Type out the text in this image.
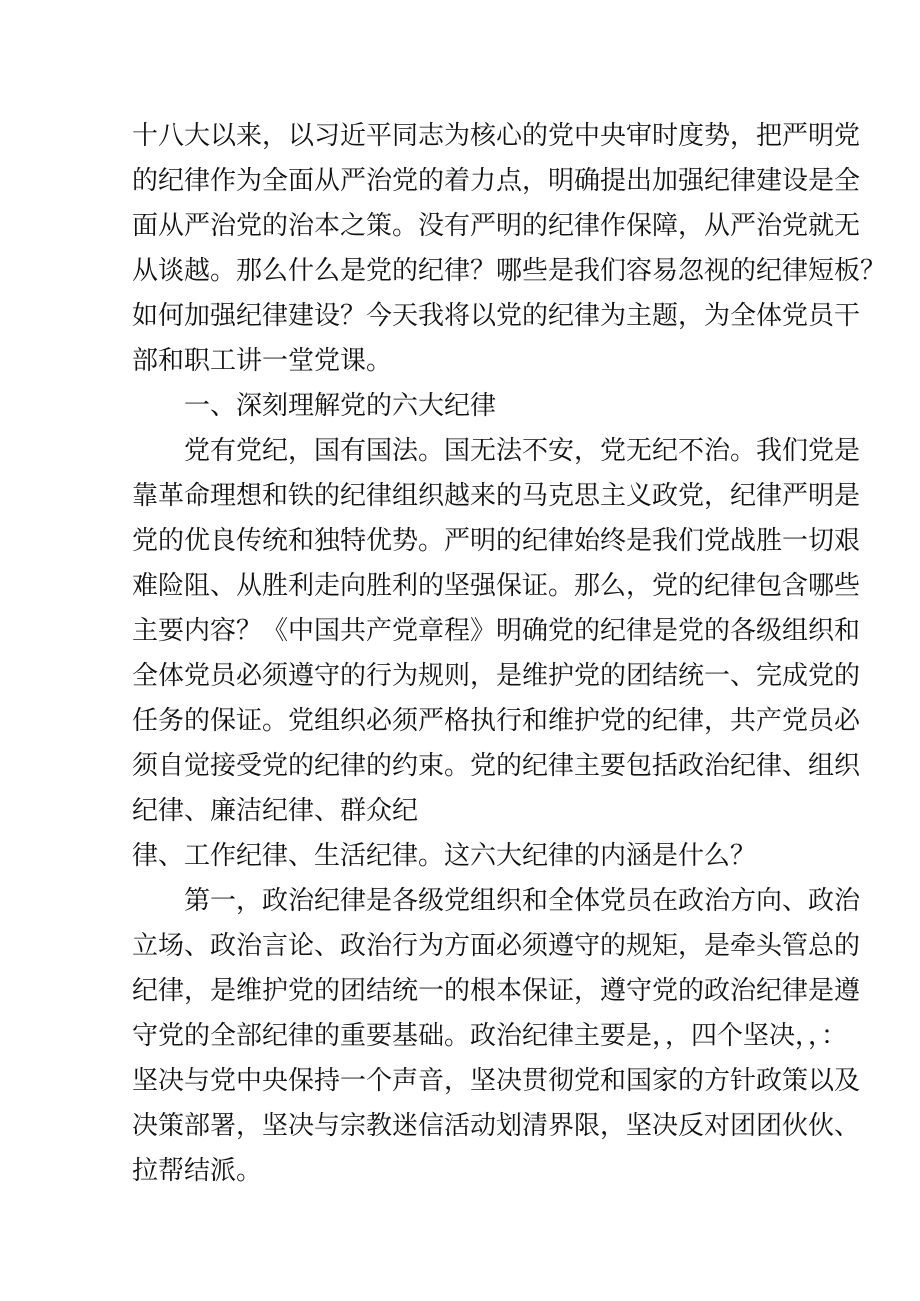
十八大以来，以习近平同志为核心的党中央审时度势，把严明党
的纪律作为全面从严治党的着力点，明确提出加强纪律建设是全
面从严治党的治本之策。没有严明的纪律作保障，从严治党就无
从谈越。那么什么是党的纪律？哪些是我们容易忽视的纪律短板？
如何加强纪律建设？今天我将以党的纪律为主题，为全体党员干
部和职工讲一堂党课。
一、深刻理解党的六大纪律
党有党纪，国有国法。国无法不安，党无纪不治。我们党是
靠革命理想和铁的纪律组织越来的马克思主义政党，纪律严明是
党的优良传统和独特优势。严明的纪律始终是我们党战胜一切艰
难险阻、从胜利走向胜利的坚强保证。那么，党的纪律包含哪些
主要内容？《中国共产党章程》明确党的纪律是党的各级组织和
全体党员必须遵守的行为规则，是维护党的团结统一、完成党的
任务的保证。党组织必须严格执行和维护党的纪律，共产党员必
须自觉接受党的纪律的约束。党的纪律主要包括政治纪律、组织
纪律、廉洁纪律、群众纪
律、工作纪律、生活纪律。这六大纪律的内涵是什么？
第一，政治纪律是各级党组织和全体党员在政治方向、政治
立场、政治言论、政治行为方面必须遵守的规矩，是牵头管总的
纪律，是维护党的团结统一的根本保证，遵守党的政治纪律是遵
守党的全部纪律的重要基础。政治纪律主要是，，四个坚决，，：
坚决与党中央保持一个声音，坚决贯彻党和国家的方针政策以及
决策部署，坚决与宗教迷信活动划清界限，坚决反对团团伙伙、
拉帮结派。
